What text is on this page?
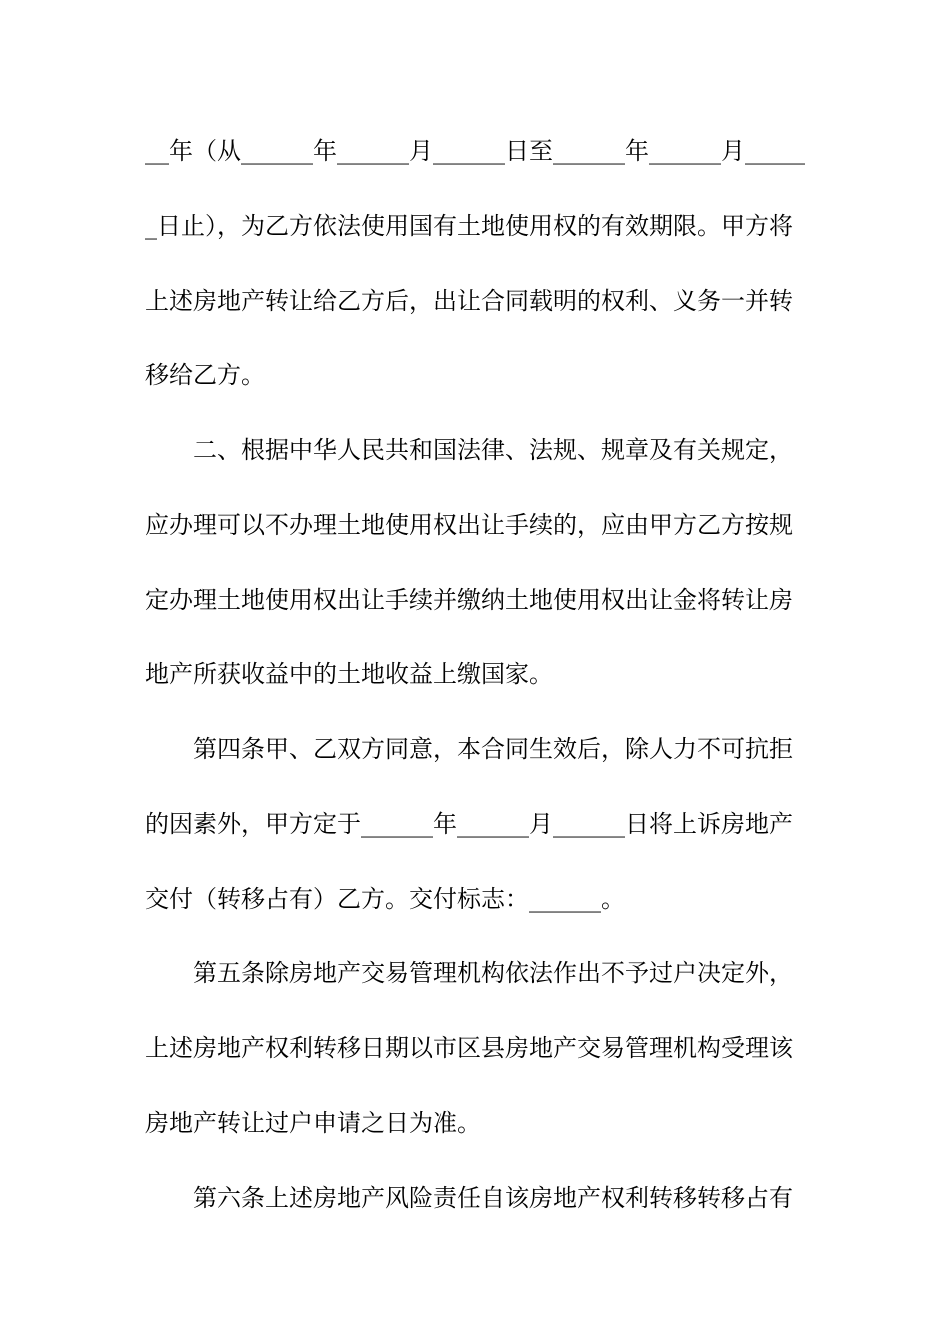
__年（从______年______月______日至______年______月_____
_日止），为乙方依法使用国有土地使用权的有效期限。甲方将
上述房地产转让给乙方后，出让合同载明的权利、义务一并转
移给乙方。
二、根据中华人民共和国法律、法规、规章及有关规定，
应办理可以不办理土地使用权出让手续的，应由甲方乙方按规
定办理土地使用权出让手续并缴纳土地使用权出让金将转让房
地产所获收益中的土地收益上缴国家。
第四条甲、乙双方同意，本合同生效后，除人力不可抗拒
的因素外，甲方定于______年______月______日将上诉房地产
交付（转移占有）乙方。交付标志：______。
第五条除房地产交易管理机构依法作出不予过户决定外，
上述房地产权利转移日期以市区县房地产交易管理机构受理该
房地产转让过户申请之日为准。
第六条上述房地产风险责任自该房地产权利转移转移占有
